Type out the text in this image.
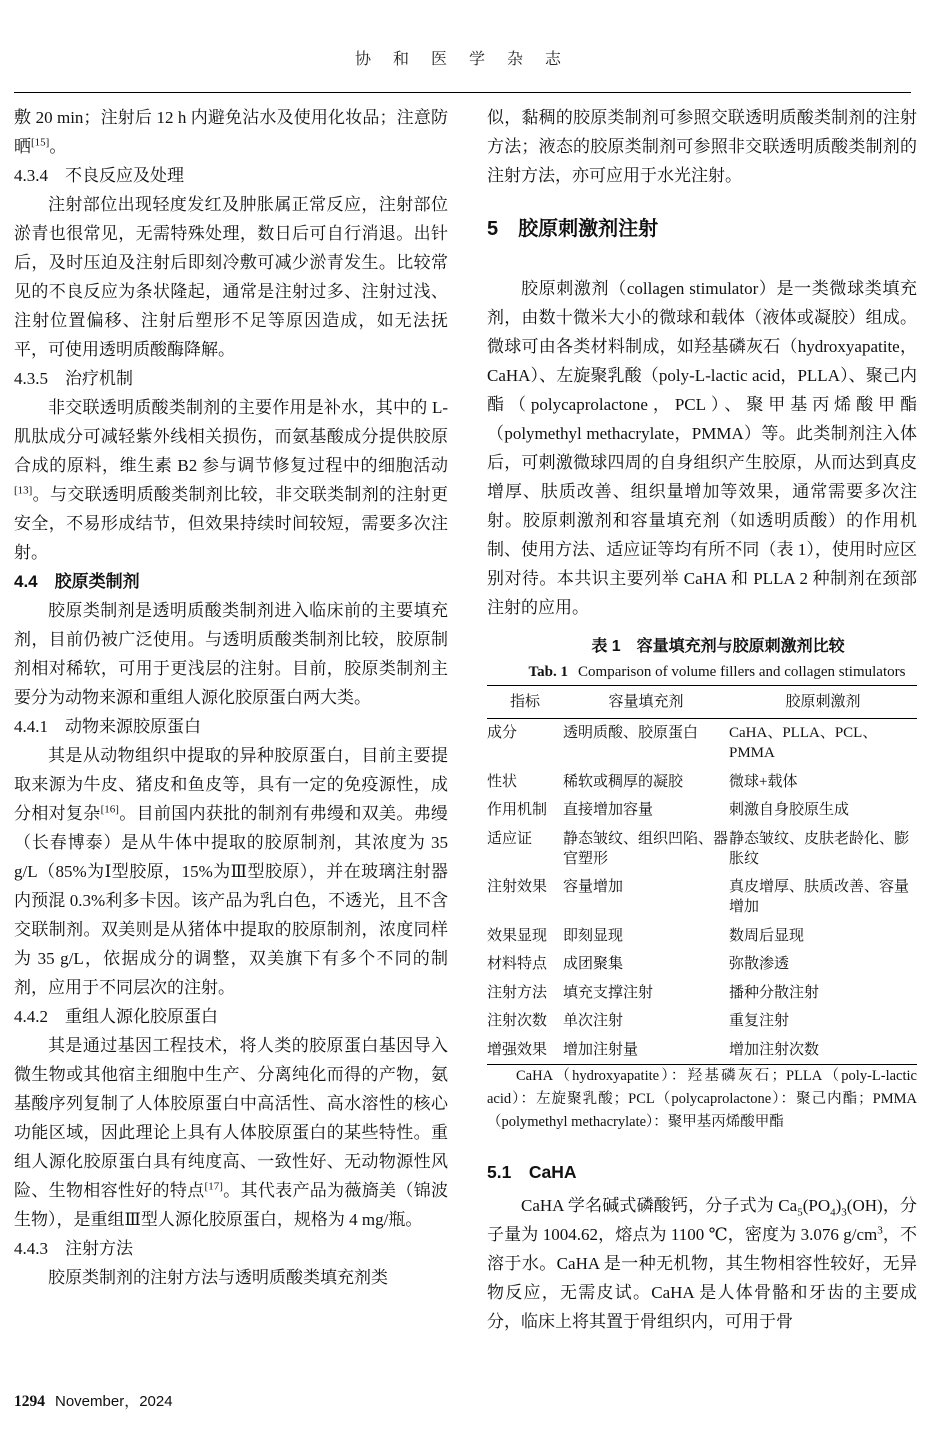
协 和 医 学 杂 志

敷 20 min；注射后 12 h 内避免沾水及使用化妆品；注意防晒[15]。

4.3.4　不良反应及处理

注射部位出现轻度发红及肿胀属正常反应，注射部位淤青也很常见，无需特殊处理，数日后可自行消退。出针后，及时压迫及注射后即刻冷敷可减少淤青发生。比较常见的不良反应为条状隆起，通常是注射过多、注射过浅、注射位置偏移、注射后塑形不足等原因造成，如无法抚平，可使用透明质酸酶降解。

4.3.5　治疗机制

非交联透明质酸类制剂的主要作用是补水，其中的 L-肌肽成分可减轻紫外线相关损伤，而氨基酸成分提供胶原合成的原料，维生素 B2 参与调节修复过程中的细胞活动[13]。与交联透明质酸类制剂比较，非交联类制剂的注射更安全，不易形成结节，但效果持续时间较短，需要多次注射。

4.4　胶原类制剂

胶原类制剂是透明质酸类制剂进入临床前的主要填充剂，目前仍被广泛使用。与透明质酸类制剂比较，胶原制剂相对稀软，可用于更浅层的注射。目前，胶原类制剂主要分为动物来源和重组人源化胶原蛋白两大类。

4.4.1　动物来源胶原蛋白

其是从动物组织中提取的异种胶原蛋白，目前主要提取来源为牛皮、猪皮和鱼皮等，具有一定的免疫源性，成分相对复杂[16]。目前国内获批的制剂有弗缦和双美。弗缦（长春博泰）是从牛体中提取的胶原制剂，其浓度为 35 g/L（85%为Ⅰ型胶原，15%为Ⅲ型胶原），并在玻璃注射器内预混 0.3%利多卡因。该产品为乳白色，不透光，且不含交联制剂。双美则是从猪体中提取的胶原制剂，浓度同样为 35 g/L，依据成分的调整，双美旗下有多个不同的制剂，应用于不同层次的注射。

4.4.2　重组人源化胶原蛋白

其是通过基因工程技术，将人类的胶原蛋白基因导入微生物或其他宿主细胞中生产、分离纯化而得的产物，氨基酸序列复制了人体胶原蛋白中高活性、高水溶性的核心功能区域，因此理论上具有人体胶原蛋白的某些特性。重组人源化胶原蛋白具有纯度高、一致性好、无动物源性风险、生物相容性好的特点[17]。其代表产品为薇旖美（锦波生物），是重组Ⅲ型人源化胶原蛋白，规格为 4 mg/瓶。

4.4.3　注射方法

胶原类制剂的注射方法与透明质酸类填充剂类

似，黏稠的胶原类制剂可参照交联透明质酸类制剂的注射方法；液态的胶原类制剂可参照非交联透明质酸类制剂的注射方法，亦可应用于水光注射。

5　胶原刺激剂注射

胶原刺激剂（collagen stimulator）是一类微球类填充剂，由数十微米大小的微球和载体（液体或凝胶）组成。微球可由各类材料制成，如羟基磷灰石（hydroxyapatite，CaHA）、左旋聚乳酸（poly-L-lactic acid，PLLA）、聚己内酯（polycaprolactone，PCL）、聚甲基丙烯酸甲酯（polymethyl methacrylate，PMMA）等。此类制剂注入体后，可刺激微球四周的自身组织产生胶原，从而达到真皮增厚、肤质改善、组织量增加等效果，通常需要多次注射。胶原刺激剂和容量填充剂（如透明质酸）的作用机制、使用方法、适应证等均有所不同（表 1），使用时应区别对待。本共识主要列举 CaHA 和 PLLA 2 种制剂在颈部注射的应用。

表 1　容量填充剂与胶原刺激剂比较

Tab. 1 Comparison of volume fillers and collagen stimulators

指标	容量填充剂	胶原刺激剂
成分	透明质酸、胶原蛋白	CaHA、PLLA、PCL、PMMA
性状	稀软或稠厚的凝胶	微球+载体
作用机制	直接增加容量	刺激自身胶原生成
适应证	静态皱纹、组织凹陷、器官塑形	静态皱纹、皮肤老龄化、膨胀纹
注射效果	容量增加	真皮增厚、肤质改善、容量增加
效果显现	即刻显现	数周后显现
材料特点	成团聚集	弥散渗透
注射方法	填充支撑注射	播种分散注射
注射次数	单次注射	重复注射
增强效果	增加注射量	增加注射次数

CaHA（hydroxyapatite）：羟基磷灰石；PLLA（poly-L-lactic acid）：左旋聚乳酸；PCL（polycaprolactone）：聚己内酯；PMMA（polymethyl methacrylate）：聚甲基丙烯酸甲酯

5.1　CaHA

CaHA 学名碱式磷酸钙，分子式为 $Ca_5(PO_4)_3(OH)$，分子量为 1004.62，熔点为 1100 ℃，密度为 3.076 $g/cm^3$，不溶于水。CaHA 是一种无机物，其生物相容性较好，无异物反应，无需皮试。CaHA 是人体骨骼和牙齿的主要成分，临床上将其置于骨组织内，可用于骨

1294 November，2024
